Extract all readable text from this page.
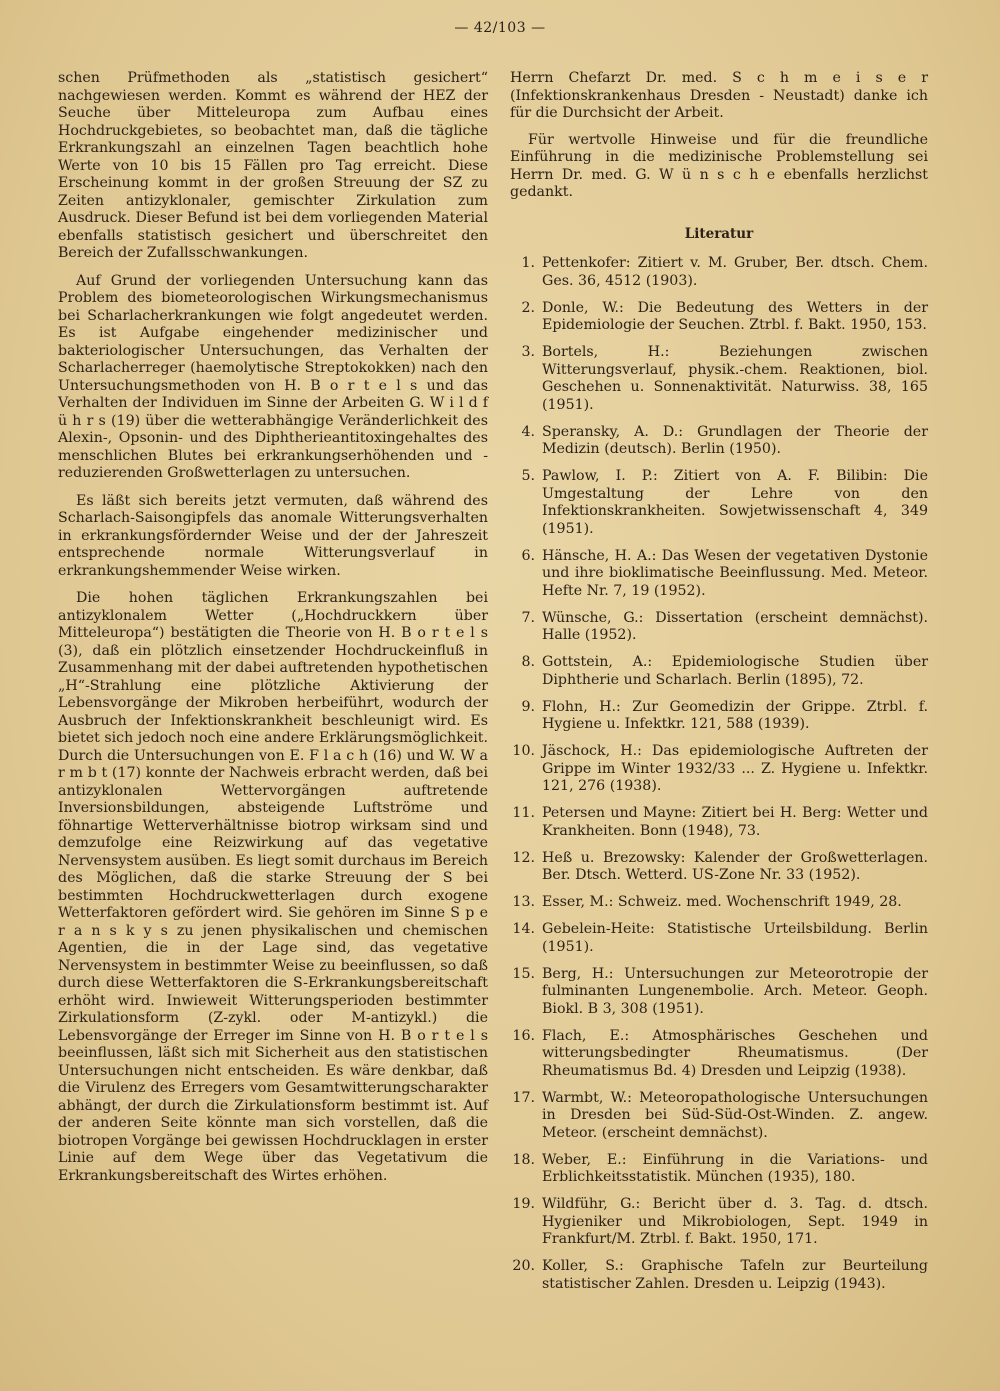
— 42/103 —

schen Prüfmethoden als „statistisch gesichert“ nachgewiesen werden. Kommt es während der HEZ der Seuche über Mitteleuropa zum Aufbau eines Hochdruckgebietes, so beobachtet man, daß die tägliche Erkrankungszahl an einzelnen Tagen beachtlich hohe Werte von 10 bis 15 Fällen pro Tag erreicht. Diese Erscheinung kommt in der großen Streuung der SZ zu Zeiten antizyklonaler, gemischter Zirkulation zum Ausdruck. Dieser Befund ist bei dem vorliegenden Material ebenfalls statistisch gesichert und überschreitet den Bereich der Zufallsschwankungen.

Auf Grund der vorliegenden Untersuchung kann das Problem des biometeorologischen Wirkungsmechanismus bei Scharlacherkrankungen wie folgt angedeutet werden. Es ist Aufgabe eingehender medizinischer und bakteriologischer Untersuchungen, das Verhalten der Scharlacherreger (haemolytische Streptokokken) nach den Untersuchungsmethoden von H. B o r t e l s und das Verhalten der Individuen im Sinne der Arbeiten G. W i l d f ü h r s (19) über die wetterabhängige Veränderlichkeit des Alexin-, Opsonin- und des Diphtherieantitoxingehaltes des menschlichen Blutes bei erkrankungserhöhenden und -reduzierenden Großwetterlagen zu untersuchen.

Es läßt sich bereits jetzt vermuten, daß während des Scharlach-Saisongipfels das anomale Witterungsverhalten in erkrankungsfördernder Weise und der der Jahreszeit entsprechende normale Witterungsverlauf in erkrankungshemmender Weise wirken.

Die hohen täglichen Erkrankungszahlen bei antizyklonalem Wetter („Hochdruckkern über Mitteleuropa“) bestätigten die Theorie von H. B o r t e l s (3), daß ein plötzlich einsetzender Hochdruckeinfluß in Zusammenhang mit der dabei auftretenden hypothetischen „H“-Strahlung eine plötzliche Aktivierung der Lebensvorgänge der Mikroben herbeiführt, wodurch der Ausbruch der Infektionskrankheit beschleunigt wird. Es bietet sich jedoch noch eine andere Erklärungsmöglichkeit. Durch die Untersuchungen von E. F l a c h (16) und W. W a r m b t (17) konnte der Nachweis erbracht werden, daß bei antizyklonalen Wettervorgängen auftretende Inversionsbildungen, absteigende Luftströme und föhnartige Wetterverhältnisse biotrop wirksam sind und demzufolge eine Reizwirkung auf das vegetative Nervensystem ausüben. Es liegt somit durchaus im Bereich des Möglichen, daß die starke Streuung der S bei bestimmten Hochdruckwetterlagen durch exogene Wetterfaktoren gefördert wird. Sie gehören im Sinne S p e r a n s k y s zu jenen physikalischen und chemischen Agentien, die in der Lage sind, das vegetative Nervensystem in bestimmter Weise zu beeinflussen, so daß durch diese Wetterfaktoren die S-Erkrankungsbereitschaft erhöht wird. Inwieweit Witterungsperioden bestimmter Zirkulationsform (Z-zykl. oder M-antizykl.) die Lebensvorgänge der Erreger im Sinne von H. B o r t e l s beeinflussen, läßt sich mit Sicherheit aus den statistischen Untersuchungen nicht entscheiden. Es wäre denkbar, daß die Virulenz des Erregers vom Gesamtwitterungscharakter abhängt, der durch die Zirkulationsform bestimmt ist. Auf der anderen Seite könnte man sich vorstellen, daß die biotropen Vorgänge bei gewissen Hochdrucklagen in erster Linie auf dem Wege über das Vegetativum die Erkrankungsbereitschaft des Wirtes erhöhen.

Herrn Chefarzt Dr. med. S c h m e i s e r (Infektionskrankenhaus Dresden - Neustadt) danke ich für die Durchsicht der Arbeit.

Für wertvolle Hinweise und für die freundliche Einführung in die medizinische Problemstellung sei Herrn Dr. med. G. W ü n s c h e ebenfalls herzlichst gedankt.

Literatur
1. Pettenkofer: Zitiert v. M. Gruber, Ber. dtsch. Chem. Ges. 36, 4512 (1903).
2. Donle, W.: Die Bedeutung des Wetters in der Epidemiologie der Seuchen. Ztrbl. f. Bakt. 1950, 153.
3. Bortels, H.: Beziehungen zwischen Witterungsverlauf, physik.-chem. Reaktionen, biol. Geschehen u. Sonnenaktivität. Naturwiss. 38, 165 (1951).
4. Speransky, A. D.: Grundlagen der Theorie der Medizin (deutsch). Berlin (1950).
5. Pawlow, I. P.: Zitiert von A. F. Bilibin: Die Umgestaltung der Lehre von den Infektionskrankheiten. Sowjetwissenschaft 4, 349 (1951).
6. Hänsche, H. A.: Das Wesen der vegetativen Dystonie und ihre bioklimatische Beeinflussung. Med. Meteor. Hefte Nr. 7, 19 (1952).
7. Wünsche, G.: Dissertation (erscheint demnächst). Halle (1952).
8. Gottstein, A.: Epidemiologische Studien über Diphtherie und Scharlach. Berlin (1895), 72.
9. Flohn, H.: Zur Geomedizin der Grippe. Ztrbl. f. Hygiene u. Infektkr. 121, 588 (1939).
10. Jäschock, H.: Das epidemiologische Auftreten der Grippe im Winter 1932/33 ... Z. Hygiene u. Infektkr. 121, 276 (1938).
11. Petersen und Mayne: Zitiert bei H. Berg: Wetter und Krankheiten. Bonn (1948), 73.
12. Heß u. Brezowsky: Kalender der Großwetterlagen. Ber. Dtsch. Wetterd. US-Zone Nr. 33 (1952).
13. Esser, M.: Schweiz. med. Wochenschrift 1949, 28.
14. Gebelein-Heite: Statistische Urteilsbildung. Berlin (1951).
15. Berg, H.: Untersuchungen zur Meteorotropie der fulminanten Lungenembolie. Arch. Meteor. Geoph. Biokl. B 3, 308 (1951).
16. Flach, E.: Atmosphärisches Geschehen und witterungsbedingter Rheumatismus. (Der Rheumatismus Bd. 4) Dresden und Leipzig (1938).
17. Warmbt, W.: Meteoropathologische Untersuchungen in Dresden bei Süd-Süd-Ost-Winden. Z. angew. Meteor. (erscheint demnächst).
18. Weber, E.: Einführung in die Variations- und Erblichkeitsstatistik. München (1935), 180.
19. Wildführ, G.: Bericht über d. 3. Tag. d. dtsch. Hygieniker und Mikrobiologen, Sept. 1949 in Frankfurt/M. Ztrbl. f. Bakt. 1950, 171.
20. Koller, S.: Graphische Tafeln zur Beurteilung statistischer Zahlen. Dresden u. Leipzig (1943).
